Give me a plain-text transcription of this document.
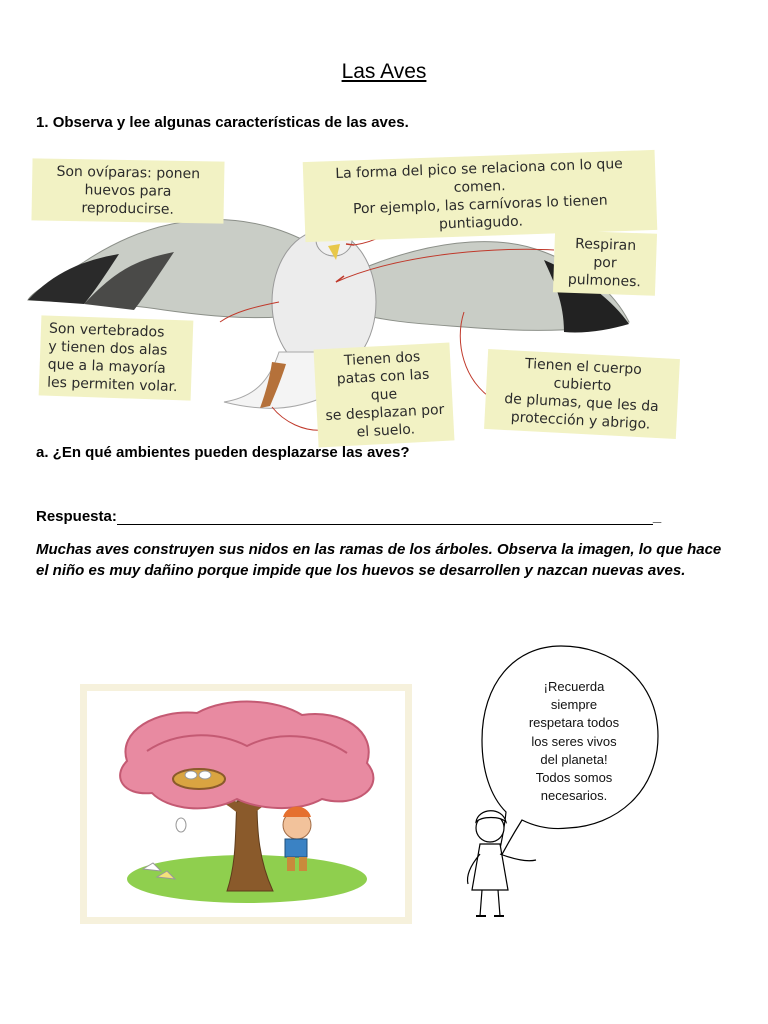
Las Aves
1. Observa y lee algunas características de las aves.
Son ovíparas: ponen
huevos para reproducirse.
La forma del pico se relaciona con lo que comen.
Por ejemplo, las carnívoras lo tienen puntiagudo.
Respiran por
pulmones.
Son vertebrados
y tienen dos alas
que a la mayoría
les permiten volar.
Tienen dos
patas con las que
se desplazan por
el suelo.
Tienen el cuerpo cubierto
de plumas, que les da
protección y abrigo.
a. ¿En qué ambientes pueden desplazarse las aves?
Respuesta:	_
Muchas aves construyen sus nidos en las ramas de los árboles. Observa la imagen, lo que hace el niño es muy dañino porque impide que los huevos se desarrollen y nazcan nuevas aves.
¡Recuerda
siempre
respetara todos
los seres vivos
del planeta!
Todos somos
necesarios.
